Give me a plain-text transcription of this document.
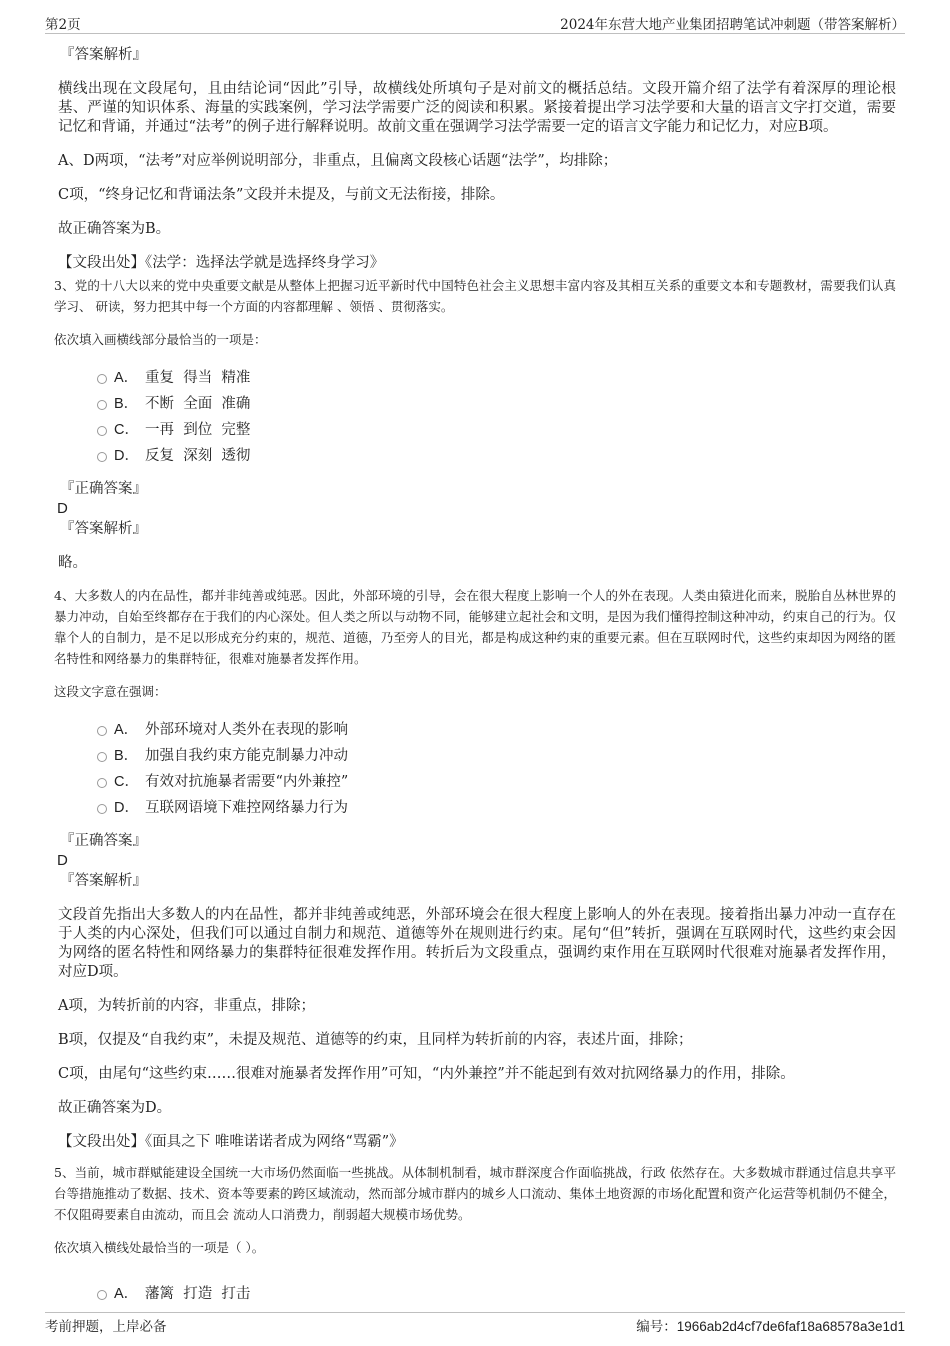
第2页	2024年东营大地产业集团招聘笔试冲刺题（带答案解析）

『答案解析』

横线出现在文段尾句，且由结论词“因此”引导，故横线处所填句子是对前文的概括总结。文段开篇介绍了法学有着深厚的理论根基、严谨的知识体系、海量的实践案例，学习法学需要广泛的阅读和积累。紧接着提出学习法学要和大量的语言文字打交道，需要记忆和背诵，并通过“法考”的例子进行解释说明。故前文重在强调学习法学需要一定的语言文字能力和记忆力，对应B项。

A、D两项，“法考”对应举例说明部分，非重点，且偏离文段核心话题“法学”，均排除；

C项，“终身记忆和背诵法条”文段并未提及，与前文无法衔接，排除。

故正确答案为B。

【文段出处】《法学：选择法学就是选择终身学习》

3、党的十八大以来的党中央重要文献是从整体上把握习近平新时代中国特色社会主义思想丰富内容及其相互关系的重要文本和专题教材，需要我们认真学习、 研读，努力把其中每一个方面的内容都理解 、领悟 、贯彻落实。

依次填入画横线部分最恰当的一项是：

A． 重复  得当  精准
B． 不断  全面  准确
C． 一再  到位  完整
D． 反复  深刻  透彻

『正确答案』

D

『答案解析』

略。

4、大多数人的内在品性，都并非纯善或纯恶。因此，外部环境的引导，会在很大程度上影响一个人的外在表现。人类由猿进化而来，脱胎自丛林世界的暴力冲动，自始至终都存在于我们的内心深处。但人类之所以与动物不同，能够建立起社会和文明，是因为我们懂得控制这种冲动，约束自己的行为。仅靠个人的自制力，是不足以形成充分约束的，规范、道德，乃至旁人的目光，都是构成这种约束的重要元素。但在互联网时代，这些约束却因为网络的匿名特性和网络暴力的集群特征，很难对施暴者发挥作用。

这段文字意在强调：

A． 外部环境对人类外在表现的影响
B． 加强自我约束方能克制暴力冲动
C． 有效对抗施暴者需要“内外兼控”
D． 互联网语境下难控网络暴力行为

『正确答案』

D

『答案解析』

文段首先指出大多数人的内在品性，都并非纯善或纯恶，外部环境会在很大程度上影响人的外在表现。接着指出暴力冲动一直存在于人类的内心深处，但我们可以通过自制力和规范、道德等外在规则进行约束。尾句“但”转折，强调在互联网时代，这些约束会因为网络的匿名特性和网络暴力的集群特征很难发挥作用。转折后为文段重点，强调约束作用在互联网时代很难对施暴者发挥作用，对应D项。

A项，为转折前的内容，非重点，排除；

B项，仅提及“自我约束”，未提及规范、道德等的约束，且同样为转折前的内容，表述片面，排除；

C项，由尾句“这些约束……很难对施暴者发挥作用”可知，“内外兼控”并不能起到有效对抗网络暴力的作用，排除。

故正确答案为D。

【文段出处】《面具之下 唯唯诺诺者成为网络“骂霸”》

5、当前，城市群赋能建设全国统一大市场仍然面临一些挑战。从体制机制看，城市群深度合作面临挑战，行政 依然存在。大多数城市群通过信息共享平台等措施推动了数据、技术、资本等要素的跨区域流动，然而部分城市群内的城乡人口流动、集体土地资源的市场化配置和资产化运营等机制仍不健全，不仅阻碍要素自由流动，而且会 流动人口消费力，削弱超大规模市场优势。

依次填入横线处最恰当的一项是（ ）。

A． 藩篱  打造  打击
考前押题，上岸必备	编号：1966ab2d4cf7de6faf18a68578a3e1d1
